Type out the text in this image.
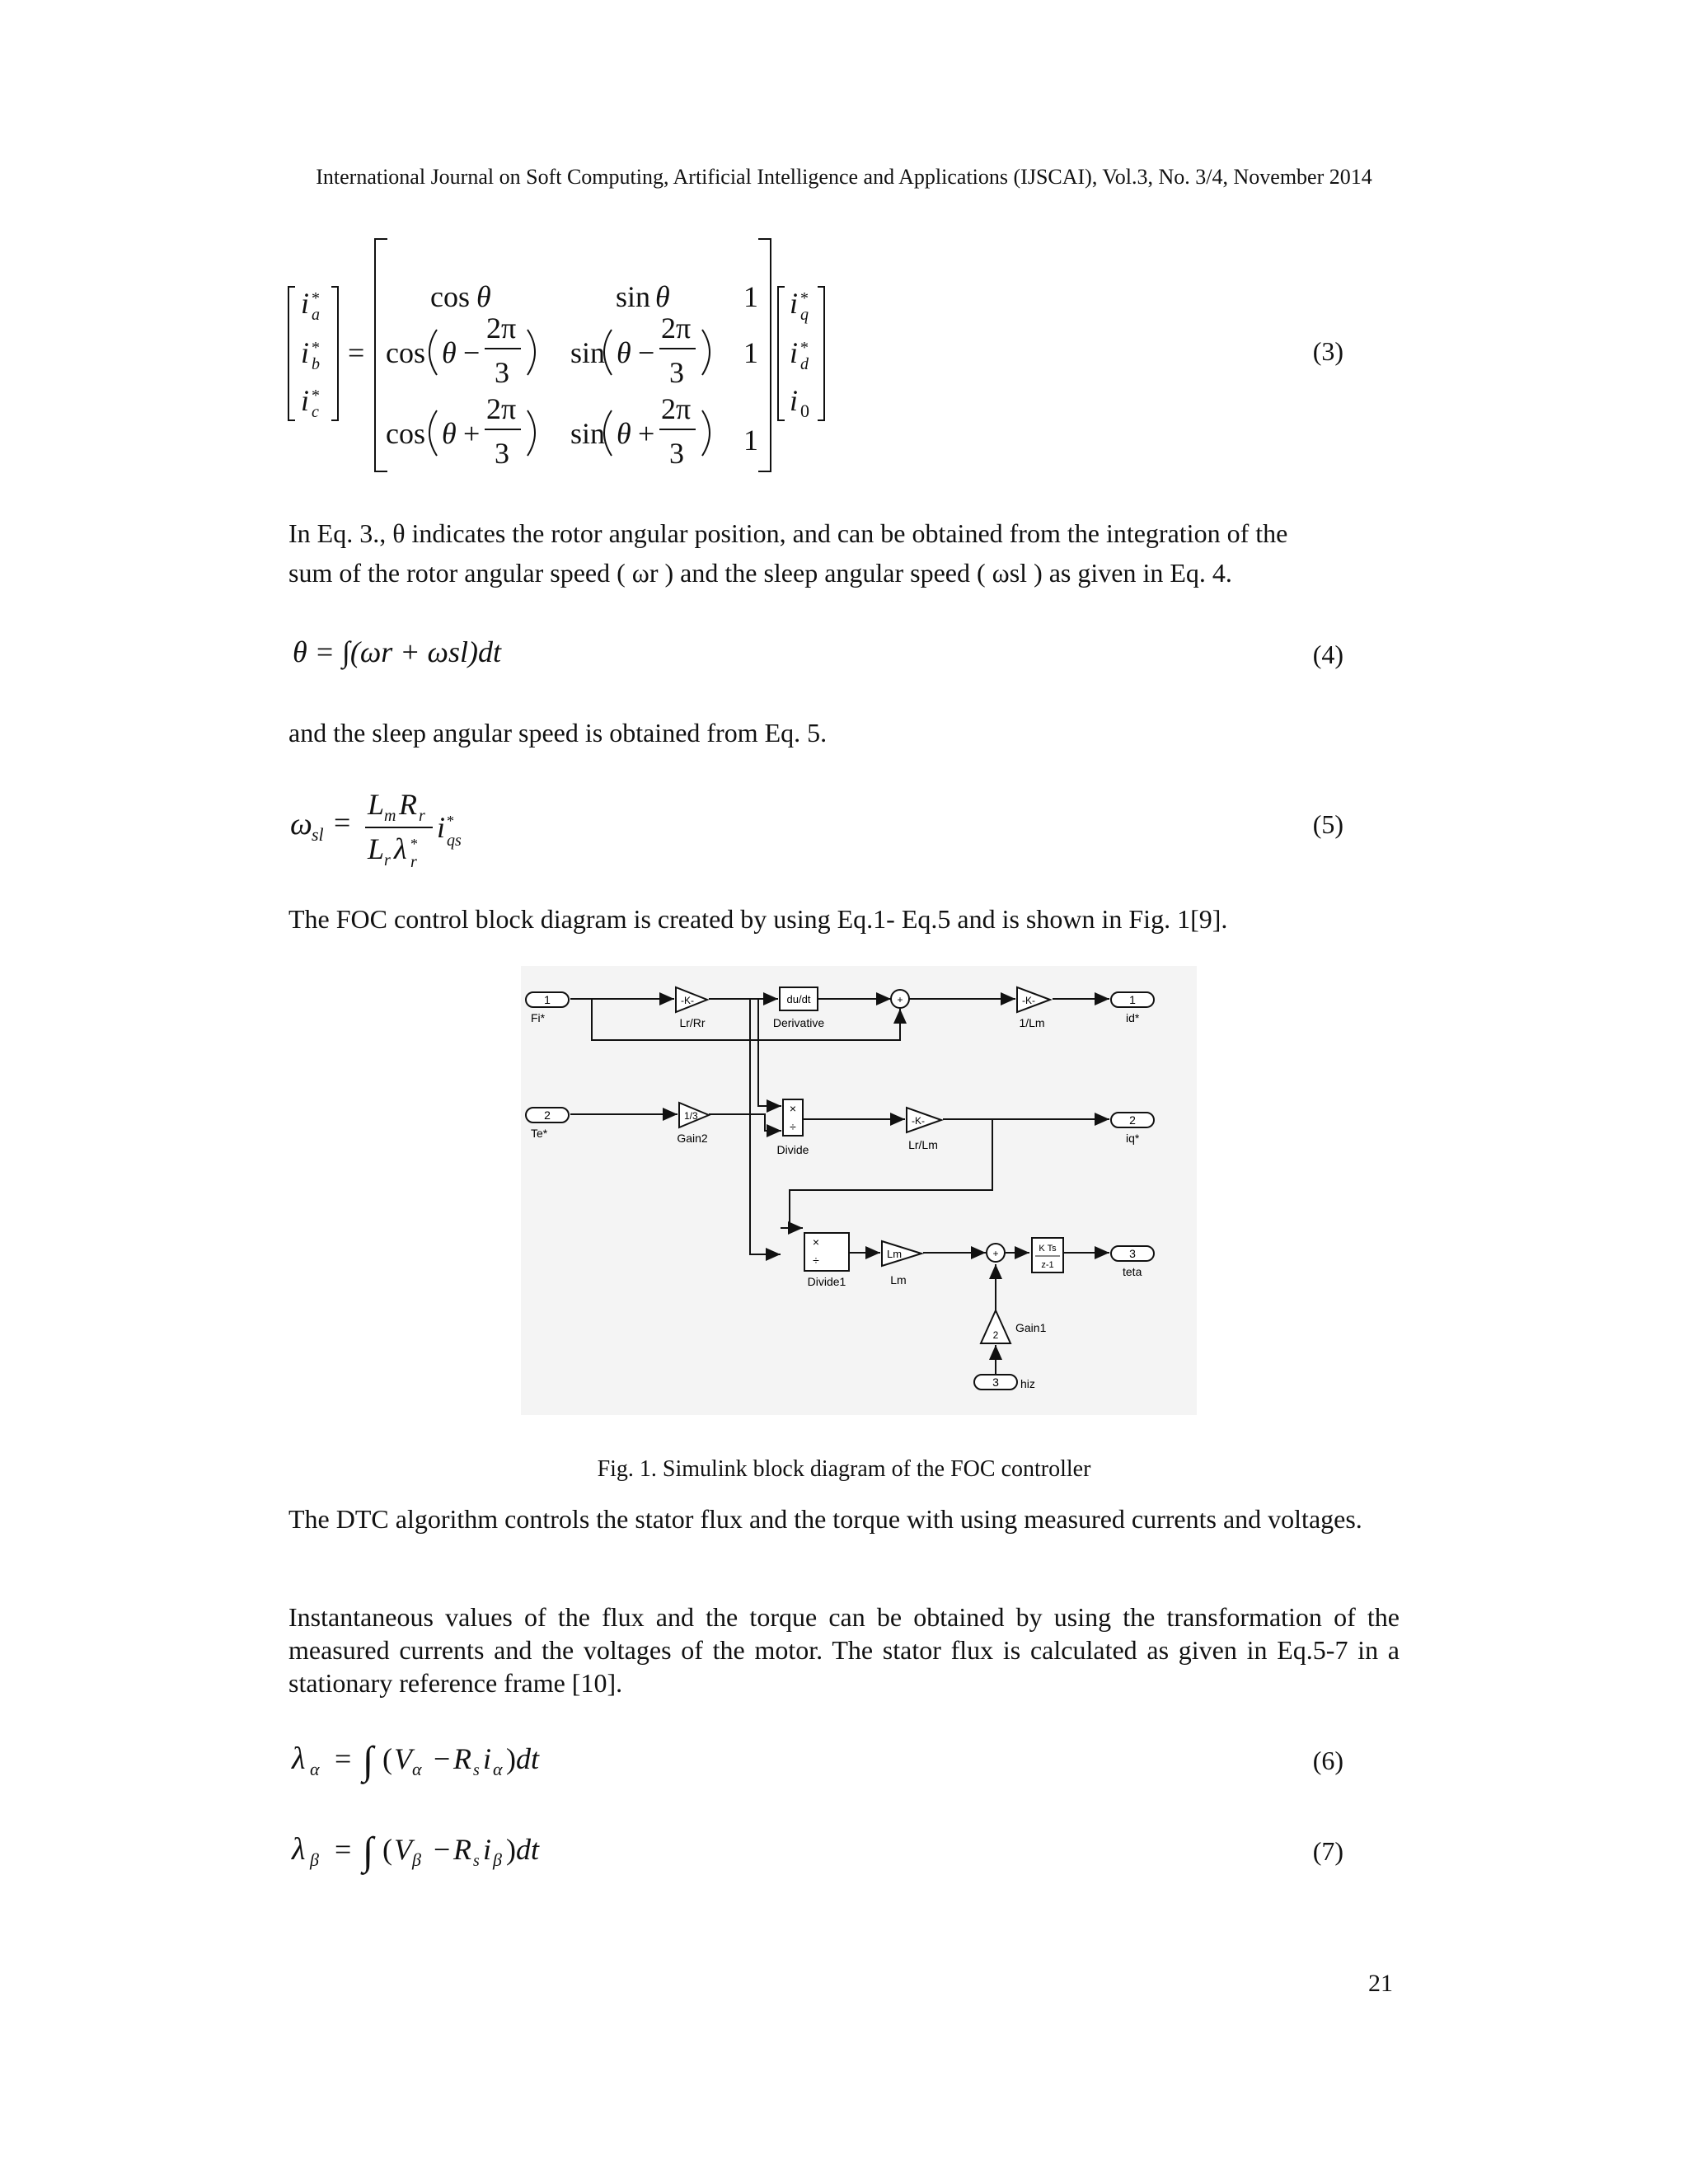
International Journal on Soft Computing, Artificial Intelligence and Applications (IJSCAI), Vol.3, No. 3/4, November 2014
i *
a
i *
b
i *
c
=
cos θ	sin θ 1
cos θ −
2π
3
sin θ −
2π
3
1
cos θ +
2π
3
sin θ +
2π
3 1
i *
q
i *
d
i 0
(3)
In Eq. 3., θ indicates the rotor angular position, and can be obtained from the integration of the
sum of the rotor angular speed ( ωr ) and the sleep angular speed ( ωsl ) as given in Eq. 4.
θ = ∫(ωr + ωsl)dt	(4)
and the sleep angular speed is obtained from Eq. 5.
ω sl =
L m R r
L r λ *
r
i *
qs
(5)
The FOC control block diagram is created by using Eq.1- Eq.5 and is shown in Fig. 1[9].
1
Fi*
2
Te*
3 hiz
1
id*
2
iq*
3
teta
-K-
Lr/Rr
du/dt
Derivative
+	-K-
1/Lm
1/3
Gain2
×
÷
Divide
-K-
Lr/Lm
×
÷
Divide1
Lm
Lm
+	K Ts
z-1
2
Gain1
Fig. 1. Simulink block diagram of the FOC controller
The DTC algorithm controls the stator flux and the torque with using measured currents and voltages.
Instantaneous values of the flux and the torque can be obtained by using the transformation of the measured currents and the voltages of the motor. The stator flux is calculated as given in Eq.5-7 in a stationary reference frame [10].
λ α = ∫ ( V α − R s i α ) dt	(6)
λ β = ∫ ( V β − R s i β ) dt	(7)
21
